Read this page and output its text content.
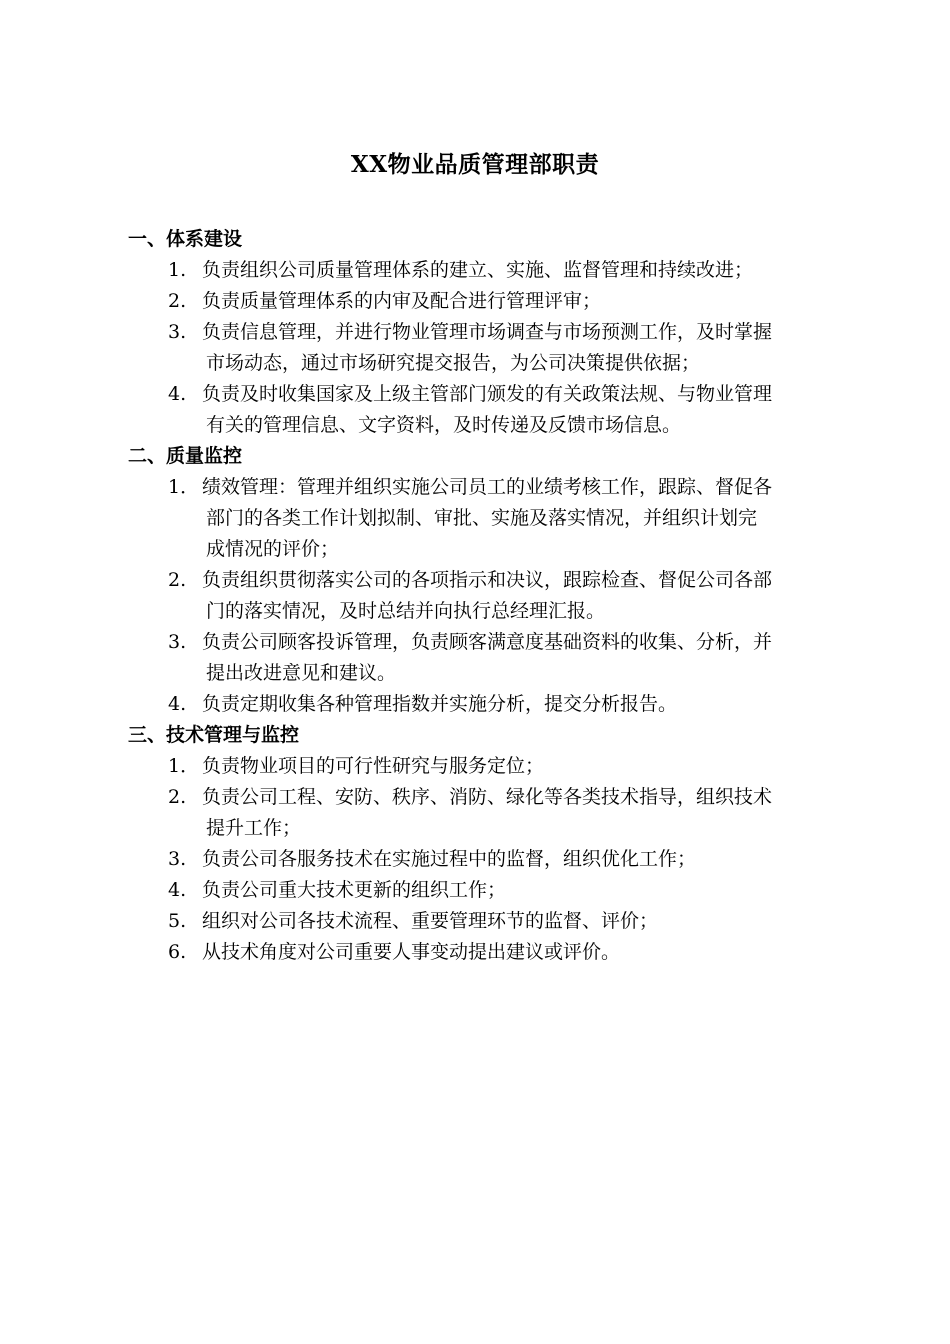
XX物业品质管理部职责
一、体系建设
1. 负责组织公司质量管理体系的建立、实施、监督管理和持续改进；
2. 负责质量管理体系的内审及配合进行管理评审；
3. 负责信息管理，并进行物业管理市场调查与市场预测工作，及时掌握
市场动态，通过市场研究提交报告，为公司决策提供依据；
4. 负责及时收集国家及上级主管部门颁发的有关政策法规、与物业管理
有关的管理信息、文字资料，及时传递及反馈市场信息。
二、质量监控
1． 绩效管理：管理并组织实施公司员工的业绩考核工作，跟踪、督促各
部门的各类工作计划拟制、审批、实施及落实情况，并组织计划完
成情况的评价；
2. 负责组织贯彻落实公司的各项指示和决议，跟踪检查、督促公司各部
门的落实情况，及时总结并向执行总经理汇报。
3. 负责公司顾客投诉管理，负责顾客满意度基础资料的收集、分析，并
提出改进意见和建议。
4. 负责定期收集各种管理指数并实施分析，提交分析报告。
三、技术管理与监控
1． 负责物业项目的可行性研究与服务定位；
2. 负责公司工程、安防、秩序、消防、绿化等各类技术指导，组织技术
提升工作；
3. 负责公司各服务技术在实施过程中的监督，组织优化工作；
4. 负责公司重大技术更新的组织工作；
5. 组织对公司各技术流程、重要管理环节的监督、评价；
6. 从技术角度对公司重要人事变动提出建议或评价。
